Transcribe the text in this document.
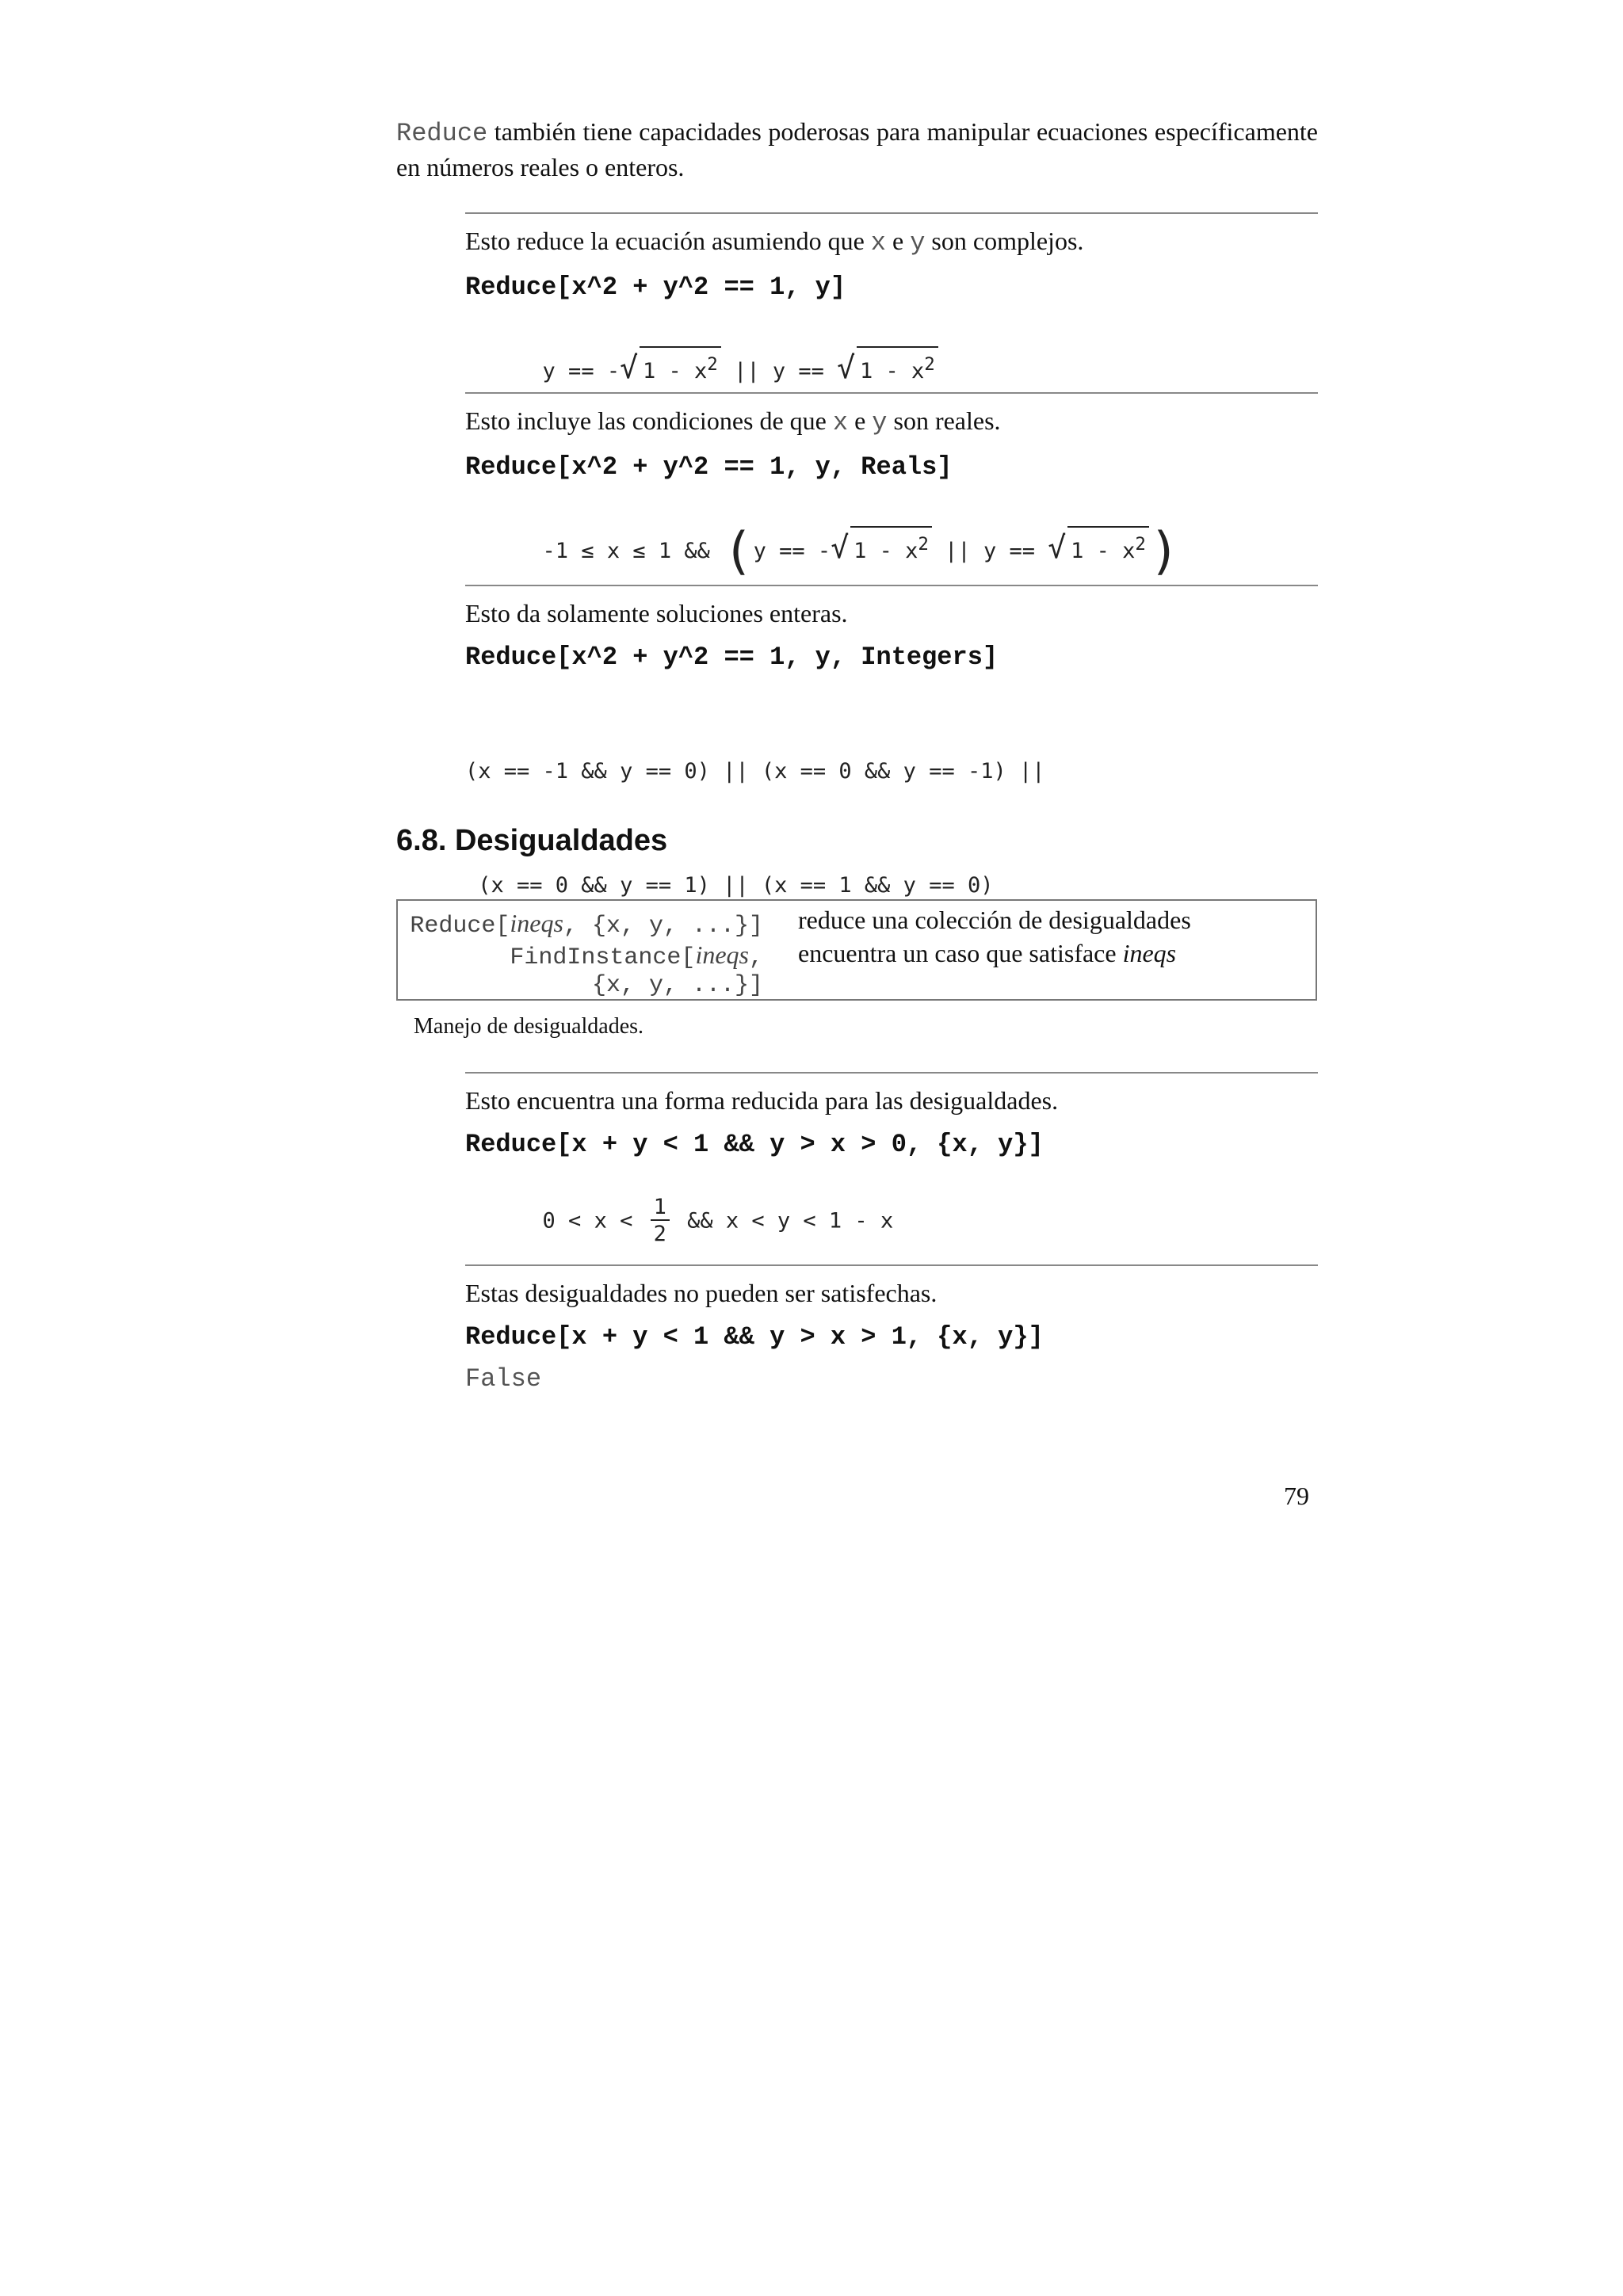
Reduce también tiene capacidades poderosas para manipular ecuaciones específicamente en números reales o enteros.
Esto reduce la ecuación asumiendo que x e y son complejos.
Reduce[x^2 + y^2 == 1, y]

y == -√ $1 - x^2$ || y == √ $1 - x^2$

Esto incluye las condiciones de que x e y son reales.
Reduce[x^2 + y^2 == 1, y, Reals]

-1 ≤ x ≤ 1 && (y == -√ $1 - x^2$ || y == √ $1 - x^2$)

Esto da solamente soluciones enteras.
Reduce[x^2 + y^2 == 1, y, Integers]

(x == -1 && y == 0) || (x == 0 && y == -1) ||

(x == 0 && y == 1) || (x == 1 && y == 0)

6.8. Desigualdades
Reduce[ineqs, {x, y, ...}] reduce una colección de desigualdades
FindInstance[ineqs,
{x, y, ...}]
encuentra un caso que satisface ineqs
Manejo de desigualdades.
Esto encuentra una forma reducida para las desigualdades.
Reduce[x + y < 1 && y > x > 0, {x, y}]

$0 < x < \frac{1}{2}$ && x < y < 1 - x

Estas desigualdades no pueden ser satisfechas.
Reduce[x + y < 1 && y > x > 1, {x, y}]
False
79
